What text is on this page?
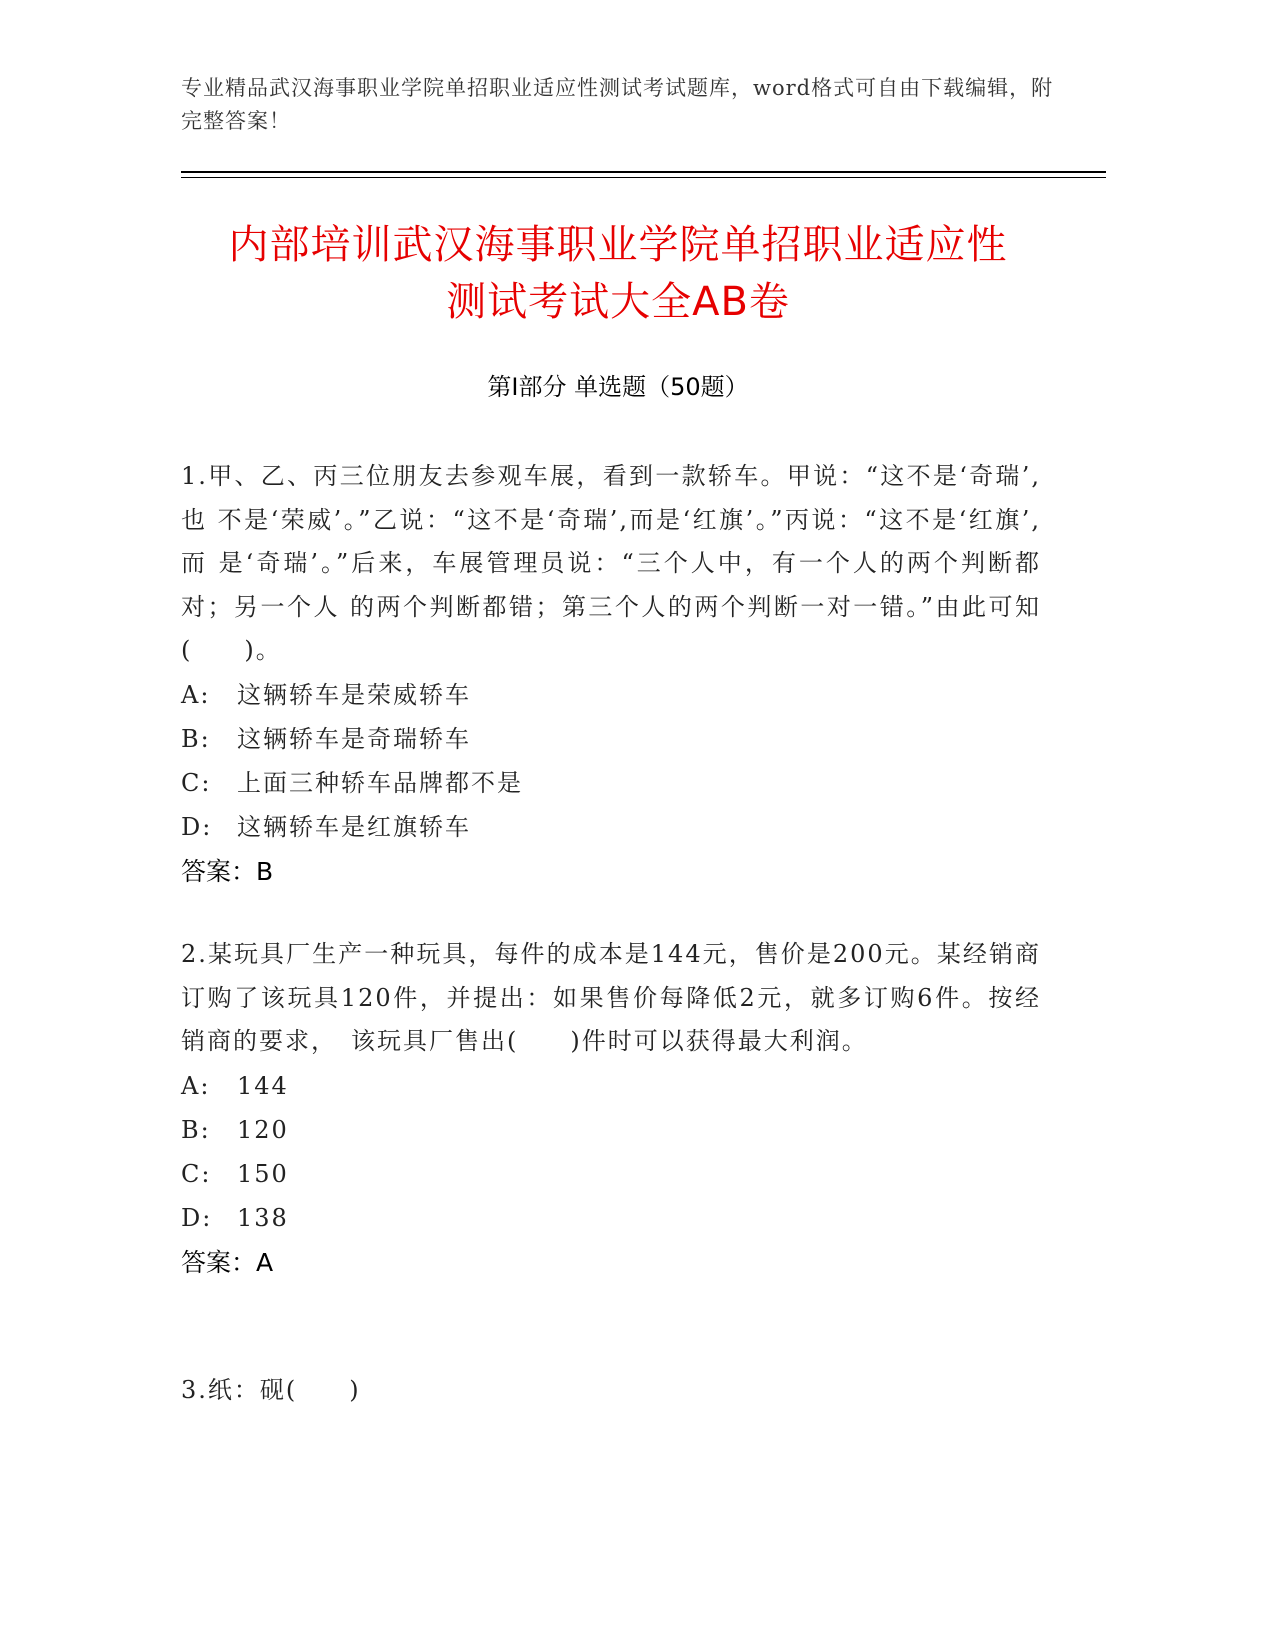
专业精品武汉海事职业学院单招职业适应性测试考试题库，word格式可自由下载编辑，附完整答案！
内部培训武汉海事职业学院单招职业适应性
测试考试大全AB卷
第Ⅰ部分 单选题（50题）
1.甲、乙、丙三位朋友去参观车展，看到一款轿车。甲说：“这不是‘奇瑞’,也 不是‘荣威’。”乙说：“这不是‘奇瑞’,而是‘红旗’。”丙说：“这不是‘红旗’,而 是‘奇瑞’。”后来，车展管理员说：“三个人中，有一个人的两个判断都对；另一个人 的两个判断都错；第三个人的两个判断一对一错。”由此可知(　　)。
A:	这辆轿车是荣威轿车
B:	这辆轿车是奇瑞轿车
C:	上面三种轿车品牌都不是
D:	这辆轿车是红旗轿车
答案：B
2.某玩具厂生产一种玩具，每件的成本是144元，售价是200元。某经销商订购了该玩具120件，并提出：如果售价每降低2元，就多订购6件。按经销商的要求，　该玩具厂售出(　　)件时可以获得最大利润。
A:	144
B:	120
C:	150
D:	138
答案：A
3.纸：砚(　　)
